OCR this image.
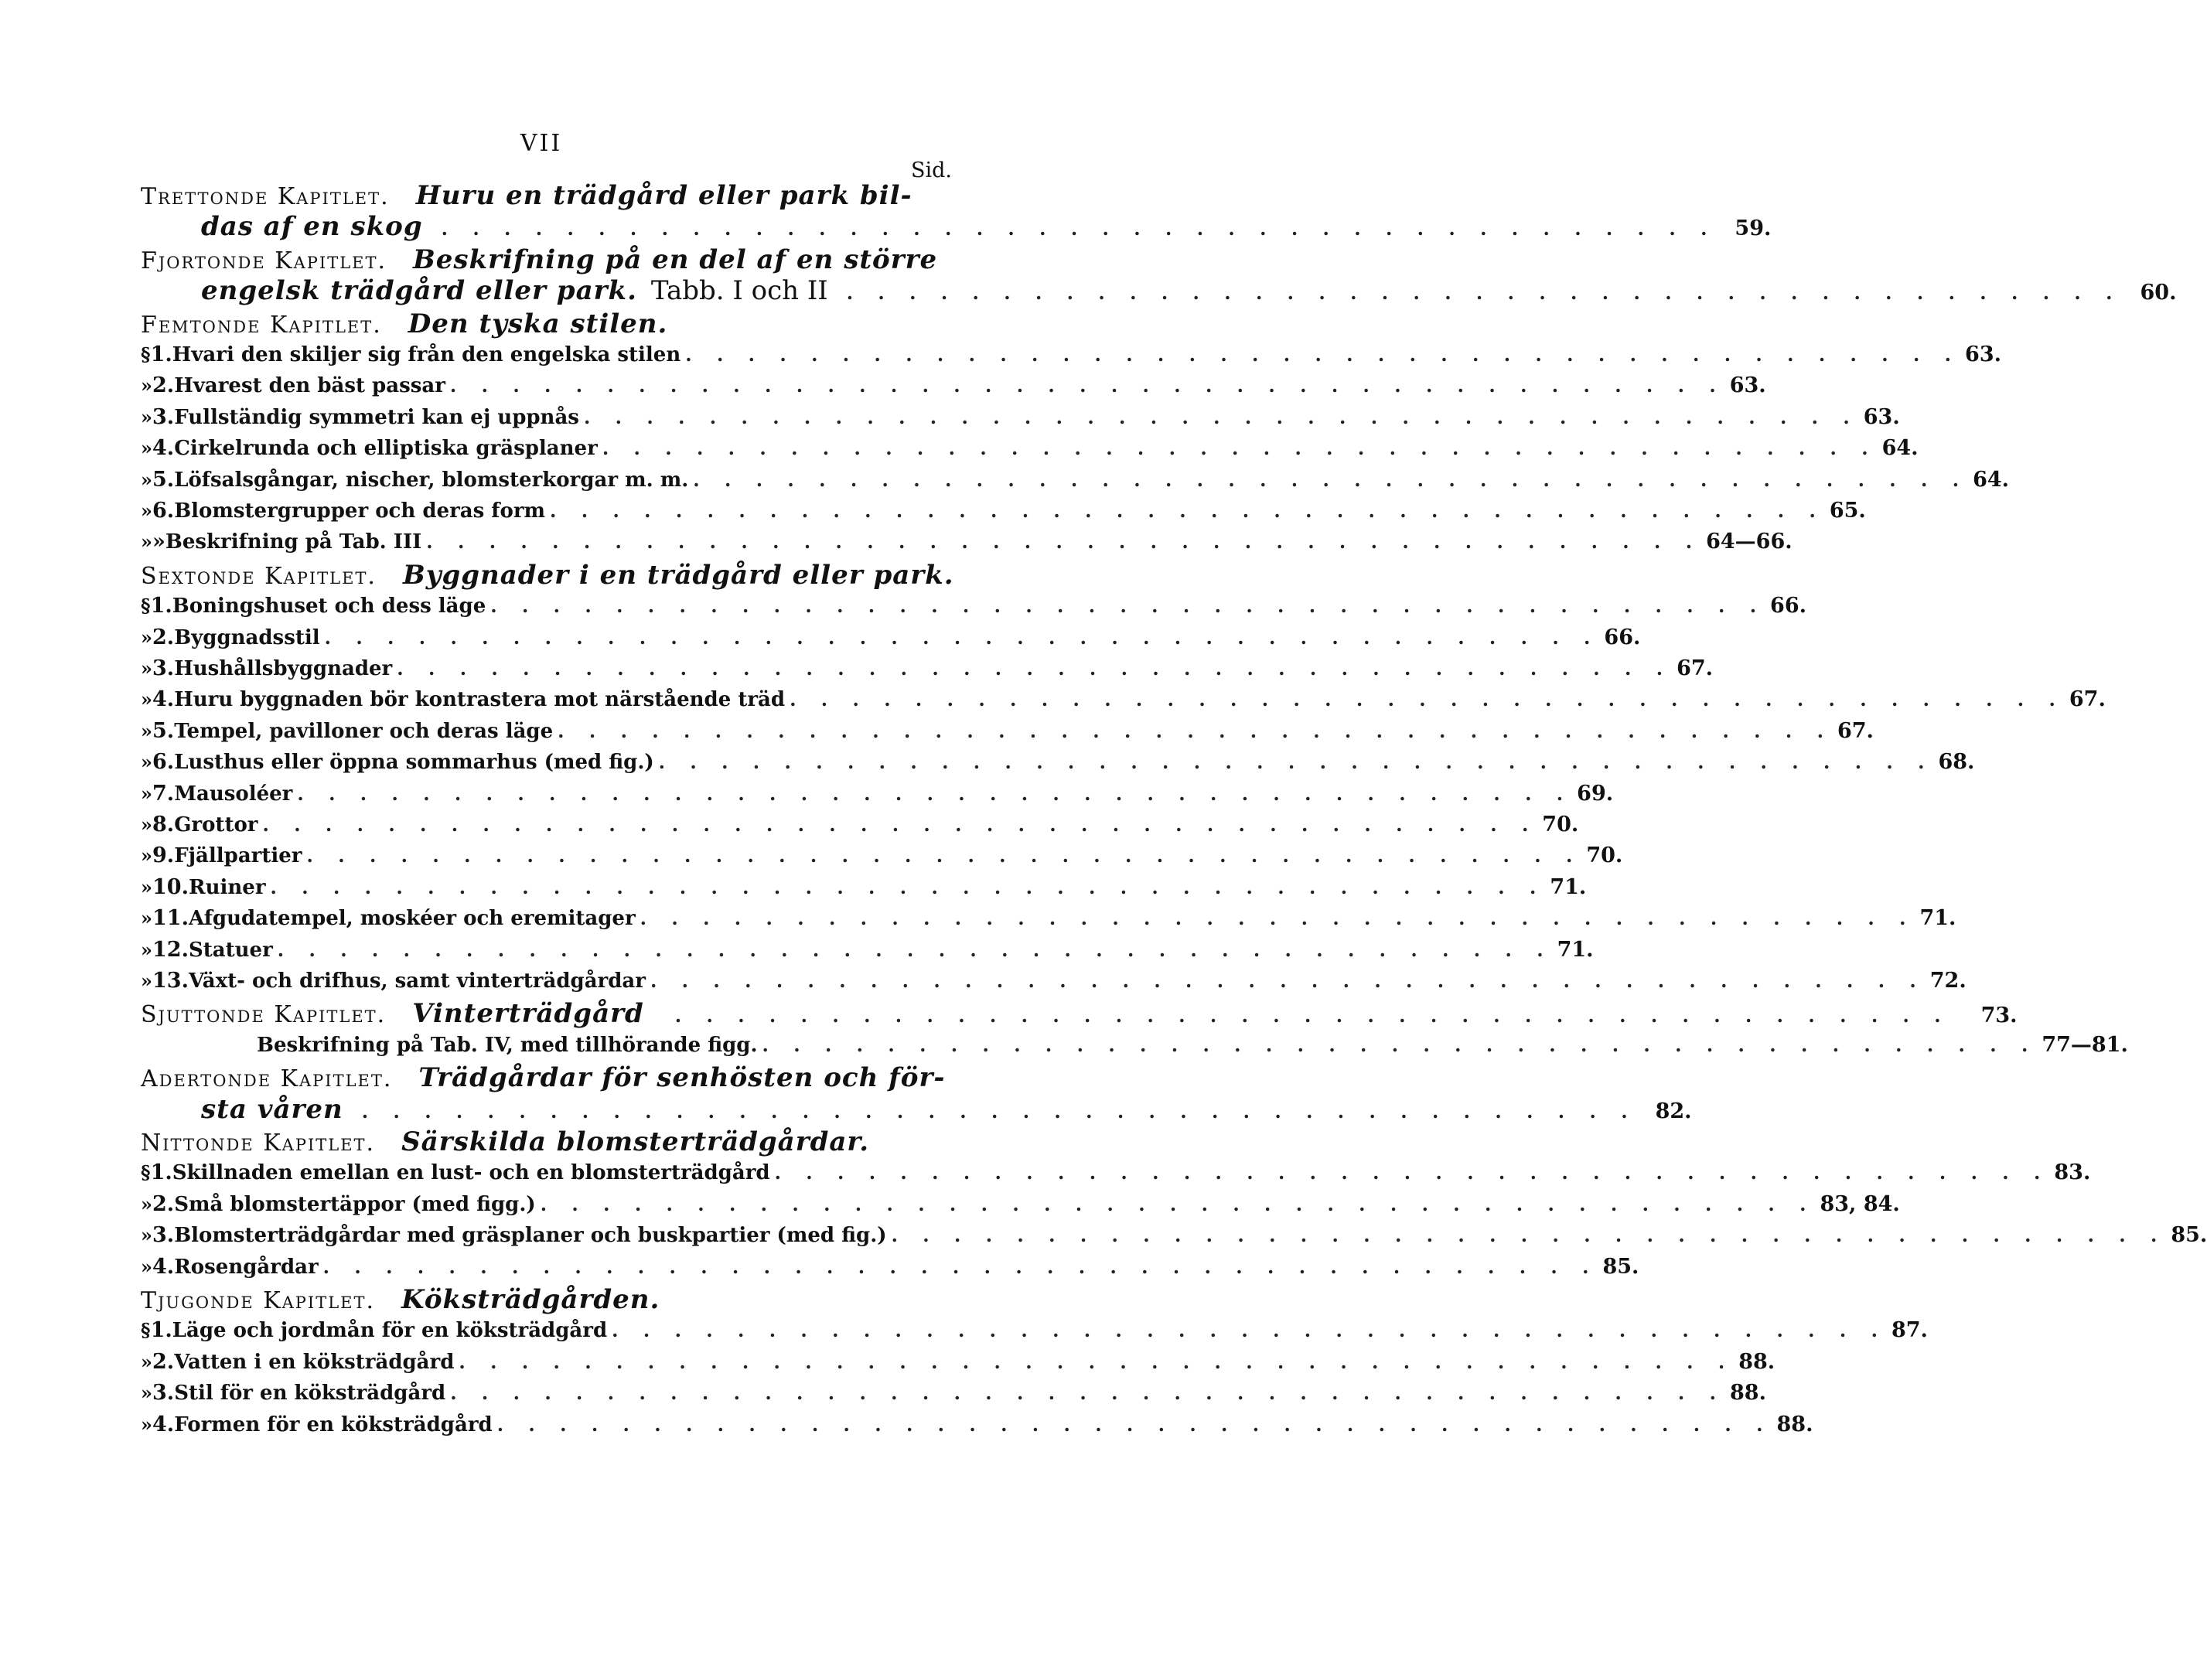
VII
Sid.
Trettonde Kapitlet. Huru en trädgård eller park bil-
das af en skog . . . . . . . . . . . . . . . . . . . . . . . . . . . . . . . . . . . . . . . . . 59.
Fjortonde Kapitlet. Beskrifning på en del af en större
engelsk trädgård eller park. Tabb. I och II . . . . . . . . . . . . . . . . . . . . . . . . . . . . . . . . . . . . . . . . . 60.
Femtonde Kapitlet. Den tyska stilen.
§ 1. Hvari den skiljer sig från den engelska stilen . . . . . . . . . . . . . . . . . . . . . . . . . . . . . . . . . . . . . . . . . 63.
» 2. Hvarest den bäst passar . . . . . . . . . . . . . . . . . . . . . . . . . . . . . . . . . . . . . . . . . 63.
» 3. Fullständig symmetri kan ej uppnås . . . . . . . . . . . . . . . . . . . . . . . . . . . . . . . . . . . . . . . . . 63.
» 4. Cirkelrunda och elliptiska gräsplaner . . . . . . . . . . . . . . . . . . . . . . . . . . . . . . . . . . . . . . . . . 64.
» 5. Löfsalsgångar, nischer, blomsterkorgar m. m. . . . . . . . . . . . . . . . . . . . . . . . . . . . . . . . . . . . . . . . . . 64.
» 6. Blomstergrupper och deras form . . . . . . . . . . . . . . . . . . . . . . . . . . . . . . . . . . . . . . . . . 65.
» » Beskrifning på Tab. III . . . . . . . . . . . . . . . . . . . . . . . . . . . . . . . . . . . . . . . . . 64—66.
Sextonde Kapitlet. Byggnader i en trädgård eller park.
§ 1. Boningshuset och dess läge . . . . . . . . . . . . . . . . . . . . . . . . . . . . . . . . . . . . . . . . . 66.
» 2. Byggnadsstil . . . . . . . . . . . . . . . . . . . . . . . . . . . . . . . . . . . . . . . . . 66.
» 3. Hushållsbyggnader . . . . . . . . . . . . . . . . . . . . . . . . . . . . . . . . . . . . . . . . . 67.
» 4. Huru byggnaden bör kontrastera mot närstående träd . . . . . . . . . . . . . . . . . . . . . . . . . . . . . . . . . . . . . . . . . 67.
» 5. Tempel, pavilloner och deras läge . . . . . . . . . . . . . . . . . . . . . . . . . . . . . . . . . . . . . . . . . 67.
» 6. Lusthus eller öppna sommarhus (med fig.) . . . . . . . . . . . . . . . . . . . . . . . . . . . . . . . . . . . . . . . . . 68.
» 7. Mausoléer . . . . . . . . . . . . . . . . . . . . . . . . . . . . . . . . . . . . . . . . . 69.
» 8. Grottor . . . . . . . . . . . . . . . . . . . . . . . . . . . . . . . . . . . . . . . . . 70.
» 9. Fjällpartier . . . . . . . . . . . . . . . . . . . . . . . . . . . . . . . . . . . . . . . . . 70.
» 10. Ruiner . . . . . . . . . . . . . . . . . . . . . . . . . . . . . . . . . . . . . . . . . 71.
» 11. Afgudatempel, moskéer och eremitager . . . . . . . . . . . . . . . . . . . . . . . . . . . . . . . . . . . . . . . . . 71.
» 12. Statuer . . . . . . . . . . . . . . . . . . . . . . . . . . . . . . . . . . . . . . . . . 71.
» 13. Växt- och drifhus, samt vinterträdgårdar . . . . . . . . . . . . . . . . . . . . . . . . . . . . . . . . . . . . . . . . . 72.
Sjuttonde Kapitlet. Vinterträdgård . . . . . . . . . . . . . . . . . . . . . . . . . . . . . . . . . . . . . . . . . 73.
Beskrifning på Tab. IV, med tillhörande figg. . . . . . . . . . . . . . . . . . . . . . . . . . . . . . . . . . . . . . . . . . 77—81.
Adertonde Kapitlet. Trädgårdar för senhösten och för-
sta våren . . . . . . . . . . . . . . . . . . . . . . . . . . . . . . . . . . . . . . . . . 82.
Nittonde Kapitlet. Särskilda blomsterträdgårdar.
§ 1. Skillnaden emellan en lust- och en blomsterträdgård . . . . . . . . . . . . . . . . . . . . . . . . . . . . . . . . . . . . . . . . . 83.
» 2. Små blomstertäppor (med figg.) . . . . . . . . . . . . . . . . . . . . . . . . . . . . . . . . . . . . . . . . . 83, 84.
» 3. Blomsterträdgårdar med gräsplaner och buskpartier (med fig.) . . . . . . . . . . . . . . . . . . . . . . . . . . . . . . . . . . . . . . . . . 85.
» 4. Rosengårdar . . . . . . . . . . . . . . . . . . . . . . . . . . . . . . . . . . . . . . . . . 85.
Tjugonde Kapitlet. Köksträdgården.
§ 1. Läge och jordmån för en köksträdgård . . . . . . . . . . . . . . . . . . . . . . . . . . . . . . . . . . . . . . . . . 87.
» 2. Vatten i en köksträdgård . . . . . . . . . . . . . . . . . . . . . . . . . . . . . . . . . . . . . . . . . 88.
» 3. Stil för en köksträdgård . . . . . . . . . . . . . . . . . . . . . . . . . . . . . . . . . . . . . . . . . 88.
» 4. Formen för en köksträdgård . . . . . . . . . . . . . . . . . . . . . . . . . . . . . . . . . . . . . . . . . 88.
